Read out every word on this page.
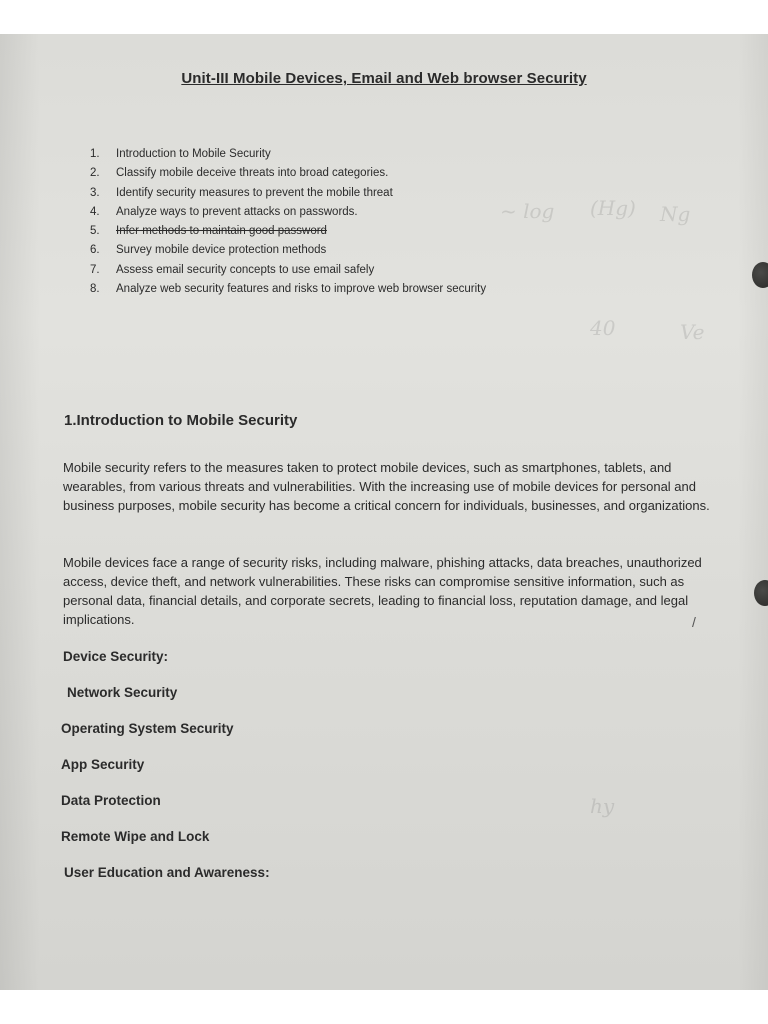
~ log (Hg) Ng
40	Ve
hy
Unit-III Mobile Devices, Email and Web browser Security
1.	Introduction to Mobile Security
2.	Classify mobile deceive threats into broad categories.
3.	Identify security measures to prevent the mobile threat
4.	Analyze ways to prevent attacks on passwords.
5.	Infer methods to maintain good password
6.	Survey mobile device protection methods
7.	Assess email security concepts to use email safely
8.	Analyze web security features and risks to improve web browser security
1.Introduction to Mobile Security

Mobile security refers to the measures taken to protect mobile devices, such as smartphones, tablets, and wearables, from various threats and vulnerabilities. With the increasing use of mobile devices for personal and business purposes, mobile security has become a critical concern for individuals, businesses, and organizations.

Mobile devices face a range of security risks, including malware, phishing attacks, data breaches, unauthorized access, device theft, and network vulnerabilities. These risks can compromise sensitive information, such as personal data, financial details, and corporate secrets, leading to financial loss, reputation damage, and legal implications.	/
Device Security:
Network Security
Operating System Security
App Security
Data Protection
Remote Wipe and Lock
User Education and Awareness:
